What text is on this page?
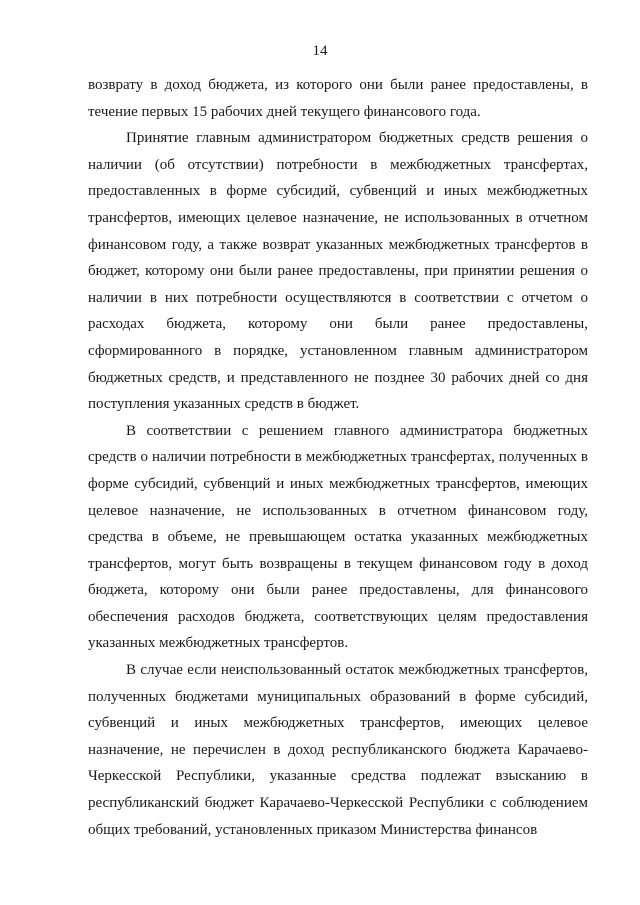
14

возврату в доход бюджета, из которого они были ранее предоставлены, в течение первых 15 рабочих дней текущего финансового года.

Принятие главным администратором бюджетных средств решения о наличии (об отсутствии) потребности в межбюджетных трансфертах, предоставленных в форме субсидий, субвенций и иных межбюджетных трансфертов, имеющих целевое назначение, не использованных в отчетном финансовом году, а также возврат указанных межбюджетных трансфертов в бюджет, которому они были ранее предоставлены, при принятии решения о наличии в них потребности осуществляются в соответствии с отчетом о расходах бюджета, которому они были ранее предоставлены, сформированного в порядке, установленном главным администратором бюджетных средств, и представленного не позднее 30 рабочих дней со дня поступления указанных средств в бюджет.

В соответствии с решением главного администратора бюджетных средств о наличии потребности в межбюджетных трансфертах, полученных в форме субсидий, субвенций и иных межбюджетных трансфертов, имеющих целевое назначение, не использованных в отчетном финансовом году, средства в объеме, не превышающем остатка указанных межбюджетных трансфертов, могут быть возвращены в текущем финансовом году в доход бюджета, которому они были ранее предоставлены, для финансового обеспечения расходов бюджета, соответствующих целям предоставления указанных межбюджетных трансфертов.

В случае если неиспользованный остаток межбюджетных трансфертов, полученных бюджетами муниципальных образований в форме субсидий, субвенций и иных межбюджетных трансфертов, имеющих целевое назначение, не перечислен в доход республиканского бюджета Карачаево-Черкесской Республики, указанные средства подлежат взысканию в республиканский бюджет Карачаево-Черкесской Республики с соблюдением общих требований, установленных приказом Министерства финансов
